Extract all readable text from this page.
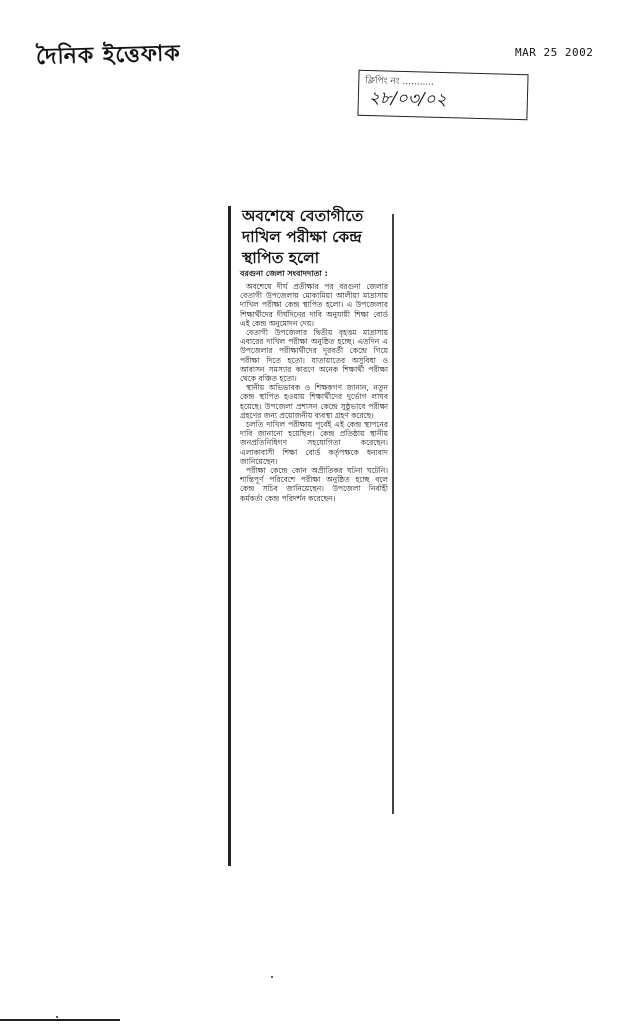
দৈনিক ইত্তেফাক	MAR 25 2002
ক্লিপিং নং ...........
২৮/০৩/০২
অবশেষে বেতাগীতে
দাখিল পরীক্ষা কেন্দ্র
স্থাপিত হলো
বরগুনা জেলা সংবাদদাতা :

অবশেষে দীর্ঘ প্রতীক্ষার পর বরগুনা জেলার বেতাগী উপজেলায় মোকামিয়া আলীয়া মাদ্রাসায় দাখিল পরীক্ষা কেন্দ্র স্থাপিত হলো। এ উপজেলার শিক্ষার্থীদের দীর্ঘদিনের দাবি অনুযায়ী শিক্ষা বোর্ড এই কেন্দ্র অনুমোদন দেয়।

বেতাগী উপজেলার দ্বিতীয় বৃহত্তম মাদ্রাসায় এবারের দাখিল পরীক্ষা অনুষ্ঠিত হচ্ছে। এতদিন এ উপজেলার পরীক্ষার্থীদের দূরবর্তী কেন্দ্রে গিয়ে পরীক্ষা দিতে হতো। যাতায়াতের অসুবিধা ও আবাসন সমস্যার কারণে অনেক শিক্ষার্থী পরীক্ষা থেকে বঞ্চিত হতো।

স্থানীয় অভিভাবক ও শিক্ষকগণ জানান, নতুন কেন্দ্র স্থাপিত হওয়ায় শিক্ষার্থীদের দুর্ভোগ লাঘব হয়েছে। উপজেলা প্রশাসন কেন্দ্রে সুষ্ঠুভাবে পরীক্ষা গ্রহণের জন্য প্রয়োজনীয় ব্যবস্থা গ্রহণ করেছে।

চলতি দাখিল পরীক্ষায় পূর্বেই এই কেন্দ্র স্থাপনের দাবি জানানো হয়েছিল। কেন্দ্র প্রতিষ্ঠায় স্থানীয় জনপ্রতিনিধিগণ সহযোগিতা করেছেন। এলাকাবাসী শিক্ষা বোর্ড কর্তৃপক্ষকে ধন্যবাদ জানিয়েছেন।

পরীক্ষা কেন্দ্রে কোন অপ্রীতিকর ঘটনা ঘটেনি। শান্তিপূর্ণ পরিবেশে পরীক্ষা অনুষ্ঠিত হচ্ছে বলে কেন্দ্র সচিব জানিয়েছেন। উপজেলা নির্বাহী কর্মকর্তা কেন্দ্র পরিদর্শন করেছেন।
